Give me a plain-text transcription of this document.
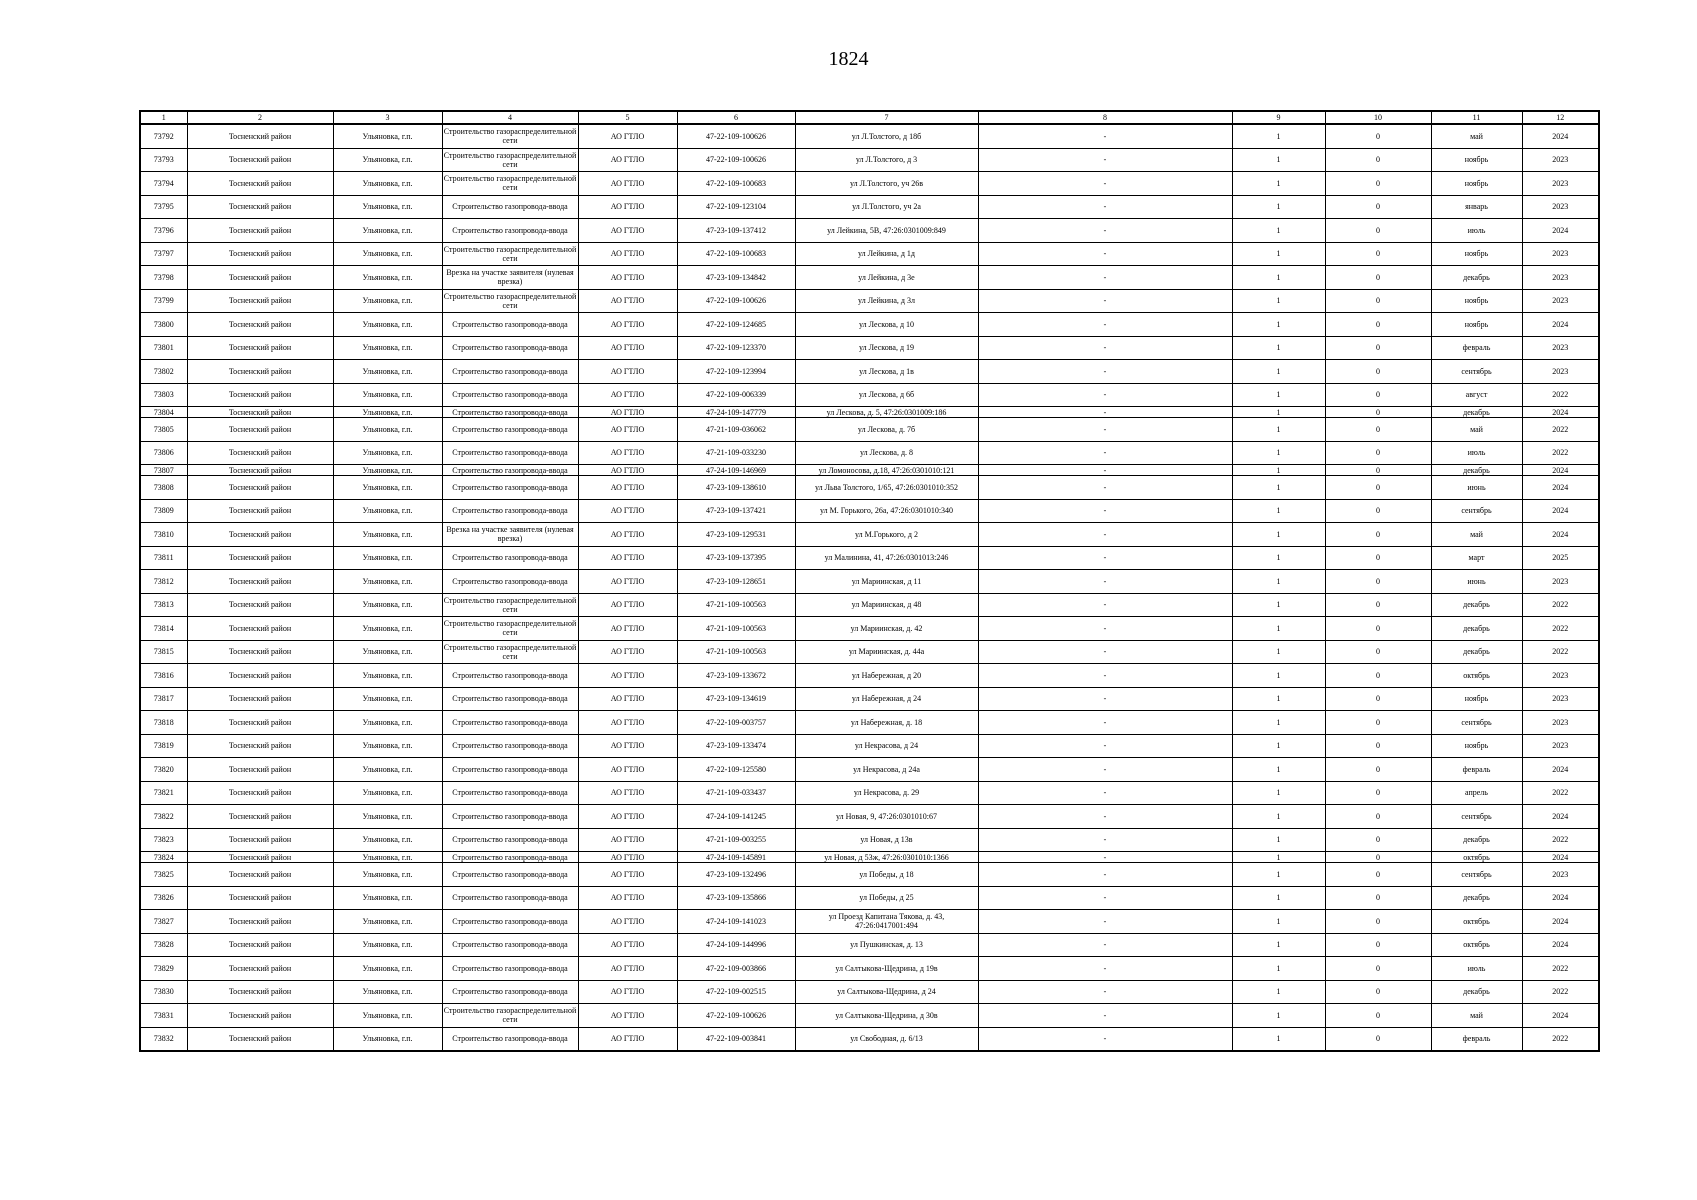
1824
1	2	3	4	5	6	7	8	9	10	11	12
73792	Тосненский район	Ульяновка, г.п.	Строительство газораспределительной сети	АО ГТЛО	47-22-109-100626	ул Л.Толстого, д 18б	-	1	0	май	2024
73793	Тосненский район	Ульяновка, г.п.	Строительство газораспределительной сети	АО ГТЛО	47-22-109-100626	ул Л.Толстого, д 3	-	1	0	ноябрь	2023
73794	Тосненский район	Ульяновка, г.п.	Строительство газораспределительной сети	АО ГТЛО	47-22-109-100683	ул Л.Толстого, уч 26в	-	1	0	ноябрь	2023
73795	Тосненский район	Ульяновка, г.п.	Строительство газопровода-ввода	АО ГТЛО	47-22-109-123104	ул Л.Толстого, уч 2а	-	1	0	январь	2023
73796	Тосненский район	Ульяновка, г.п.	Строительство газопровода-ввода	АО ГТЛО	47-23-109-137412	ул Лейкина, 5В, 47:26:0301009:849	-	1	0	июль	2024
73797	Тосненский район	Ульяновка, г.п.	Строительство газораспределительной сети	АО ГТЛО	47-22-109-100683	ул Лейкина, д 1д	-	1	0	ноябрь	2023
73798	Тосненский район	Ульяновка, г.п.	Врезка на участке заявителя (нулевая врезка)	АО ГТЛО	47-23-109-134842	ул Лейкина, д 3е	-	1	0	декабрь	2023
73799	Тосненский район	Ульяновка, г.п.	Строительство газораспределительной сети	АО ГТЛО	47-22-109-100626	ул Лейкина, д 3л	-	1	0	ноябрь	2023
73800	Тосненский район	Ульяновка, г.п.	Строительство газопровода-ввода	АО ГТЛО	47-22-109-124685	ул Лескова, д 10	-	1	0	ноябрь	2024
73801	Тосненский район	Ульяновка, г.п.	Строительство газопровода-ввода	АО ГТЛО	47-22-109-123370	ул Лескова, д 19	-	1	0	февраль	2023
73802	Тосненский район	Ульяновка, г.п.	Строительство газопровода-ввода	АО ГТЛО	47-22-109-123994	ул Лескова, д 1в	-	1	0	сентябрь	2023
73803	Тосненский район	Ульяновка, г.п.	Строительство газопровода-ввода	АО ГТЛО	47-22-109-006339	ул Лескова, д 6б	-	1	0	август	2022
73804	Тосненский район	Ульяновка, г.п.	Строительство газопровода-ввода	АО ГТЛО	47-24-109-147779	ул Лескова, д. 5, 47:26:0301009:186	-	1	0	декабрь	2024
73805	Тосненский район	Ульяновка, г.п.	Строительство газопровода-ввода	АО ГТЛО	47-21-109-036062	ул Лескова, д. 7б	-	1	0	май	2022
73806	Тосненский район	Ульяновка, г.п.	Строительство газопровода-ввода	АО ГТЛО	47-21-109-033230	ул Лескова, д. 8	-	1	0	июль	2022
73807	Тосненский район	Ульяновка, г.п.	Строительство газопровода-ввода	АО ГТЛО	47-24-109-146969	ул Ломоносова, д.18, 47:26:0301010:121	-	1	0	декабрь	2024
73808	Тосненский район	Ульяновка, г.п.	Строительство газопровода-ввода	АО ГТЛО	47-23-109-138610	ул Льва Толстого, 1/65, 47:26:0301010:352	-	1	0	июнь	2024
73809	Тосненский район	Ульяновка, г.п.	Строительство газопровода-ввода	АО ГТЛО	47-23-109-137421	ул М. Горького, 26а, 47:26:0301010:340	-	1	0	сентябрь	2024
73810	Тосненский район	Ульяновка, г.п.	Врезка на участке заявителя (нулевая врезка)	АО ГТЛО	47-23-109-129531	ул М.Горького, д 2	-	1	0	май	2024
73811	Тосненский район	Ульяновка, г.п.	Строительство газопровода-ввода	АО ГТЛО	47-23-109-137395	ул Малинина, 41, 47:26:0301013:246	-	1	0	март	2025
73812	Тосненский район	Ульяновка, г.п.	Строительство газопровода-ввода	АО ГТЛО	47-23-109-128651	ул Мариинская, д 11	-	1	0	июнь	2023
73813	Тосненский район	Ульяновка, г.п.	Строительство газораспределительной сети	АО ГТЛО	47-21-109-100563	ул Мариинская, д 48	-	1	0	декабрь	2022
73814	Тосненский район	Ульяновка, г.п.	Строительство газораспределительной сети	АО ГТЛО	47-21-109-100563	ул Мариинская, д. 42	-	1	0	декабрь	2022
73815	Тосненский район	Ульяновка, г.п.	Строительство газораспределительной сети	АО ГТЛО	47-21-109-100563	ул Мариинская, д. 44а	-	1	0	декабрь	2022
73816	Тосненский район	Ульяновка, г.п.	Строительство газопровода-ввода	АО ГТЛО	47-23-109-133672	ул Набережная, д 20	-	1	0	октябрь	2023
73817	Тосненский район	Ульяновка, г.п.	Строительство газопровода-ввода	АО ГТЛО	47-23-109-134619	ул Набережная, д 24	-	1	0	ноябрь	2023
73818	Тосненский район	Ульяновка, г.п.	Строительство газопровода-ввода	АО ГТЛО	47-22-109-003757	ул Набережная, д. 18	-	1	0	сентябрь	2023
73819	Тосненский район	Ульяновка, г.п.	Строительство газопровода-ввода	АО ГТЛО	47-23-109-133474	ул Некрасова, д 24	-	1	0	ноябрь	2023
73820	Тосненский район	Ульяновка, г.п.	Строительство газопровода-ввода	АО ГТЛО	47-22-109-125580	ул Некрасова, д 24а	-	1	0	февраль	2024
73821	Тосненский район	Ульяновка, г.п.	Строительство газопровода-ввода	АО ГТЛО	47-21-109-033437	ул Некрасова, д. 29	-	1	0	апрель	2022
73822	Тосненский район	Ульяновка, г.п.	Строительство газопровода-ввода	АО ГТЛО	47-24-109-141245	ул Новая, 9, 47:26:0301010:67	-	1	0	сентябрь	2024
73823	Тосненский район	Ульяновка, г.п.	Строительство газопровода-ввода	АО ГТЛО	47-21-109-003255	ул Новая, д 13в	-	1	0	декабрь	2022
73824	Тосненский район	Ульяновка, г.п.	Строительство газопровода-ввода	АО ГТЛО	47-24-109-145891	ул Новая, д 53ж, 47:26:0301010:1366	-	1	0	октябрь	2024
73825	Тосненский район	Ульяновка, г.п.	Строительство газопровода-ввода	АО ГТЛО	47-23-109-132496	ул Победы, д 18	-	1	0	сентябрь	2023
73826	Тосненский район	Ульяновка, г.п.	Строительство газопровода-ввода	АО ГТЛО	47-23-109-135866	ул Победы, д 25	-	1	0	декабрь	2024
73827	Тосненский район	Ульяновка, г.п.	Строительство газопровода-ввода	АО ГТЛО	47-24-109-141023	ул Проезд Капитана Тякова, д. 43, 47:26:0417001:494	-	1	0	октябрь	2024
73828	Тосненский район	Ульяновка, г.п.	Строительство газопровода-ввода	АО ГТЛО	47-24-109-144996	ул Пушкинская, д. 13	-	1	0	октябрь	2024
73829	Тосненский район	Ульяновка, г.п.	Строительство газопровода-ввода	АО ГТЛО	47-22-109-003866	ул Салтыкова-Щедрина, д 19в	-	1	0	июль	2022
73830	Тосненский район	Ульяновка, г.п.	Строительство газопровода-ввода	АО ГТЛО	47-22-109-002515	ул Салтыкова-Щедрина, д 24	-	1	0	декабрь	2022
73831	Тосненский район	Ульяновка, г.п.	Строительство газораспределительной сети	АО ГТЛО	47-22-109-100626	ул Салтыкова-Щедрина, д 30в	-	1	0	май	2024
73832	Тосненский район	Ульяновка, г.п.	Строительство газопровода-ввода	АО ГТЛО	47-22-109-003841	ул Свободная, д. 6/13	-	1	0	февраль	2022
